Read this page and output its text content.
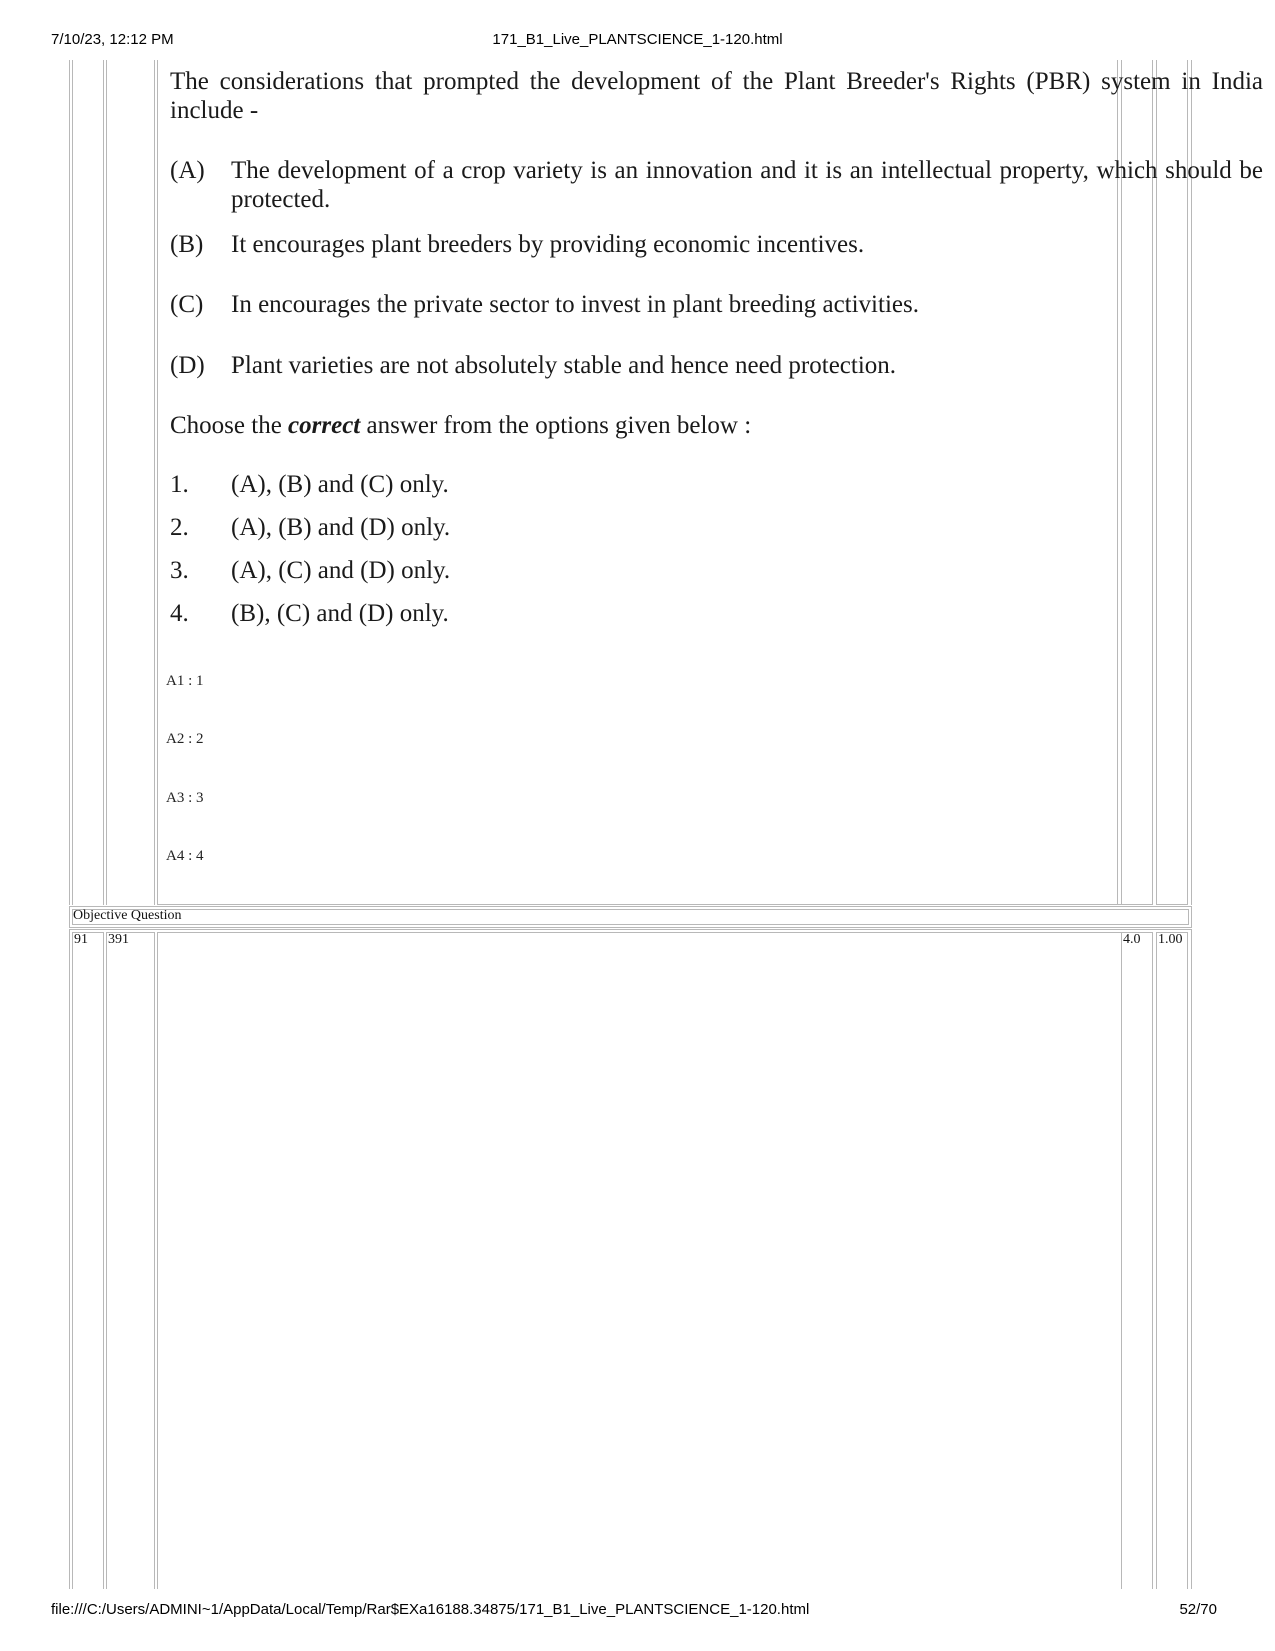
7/10/23, 12:12 PM	171_B1_Live_PLANTSCIENCE_1-120.html
The considerations that prompted the development of the Plant Breeder's Rights (PBR) system in India include -
(A) The development of a crop variety is an innovation and it is an intellectual property, which should be protected.
(B) It encourages plant breeders by providing economic incentives.
(C) In encourages the private sector to invest in plant breeding activities.
(D) Plant varieties are not absolutely stable and hence need protection.
Choose the correct answer from the options given below :
1. (A), (B) and (C) only.
2. (A), (B) and (D) only.
3. (A), (C) and (D) only.
4. (B), (C) and (D) only.
A1 : 1
A2 : 2
A3 : 3
A4 : 4
Objective Question
91 391	4.0 1.00
file:///C:/Users/ADMINI~1/AppData/Local/Temp/Rar$EXa16188.34875/171_B1_Live_PLANTSCIENCE_1-120.html	52/70
